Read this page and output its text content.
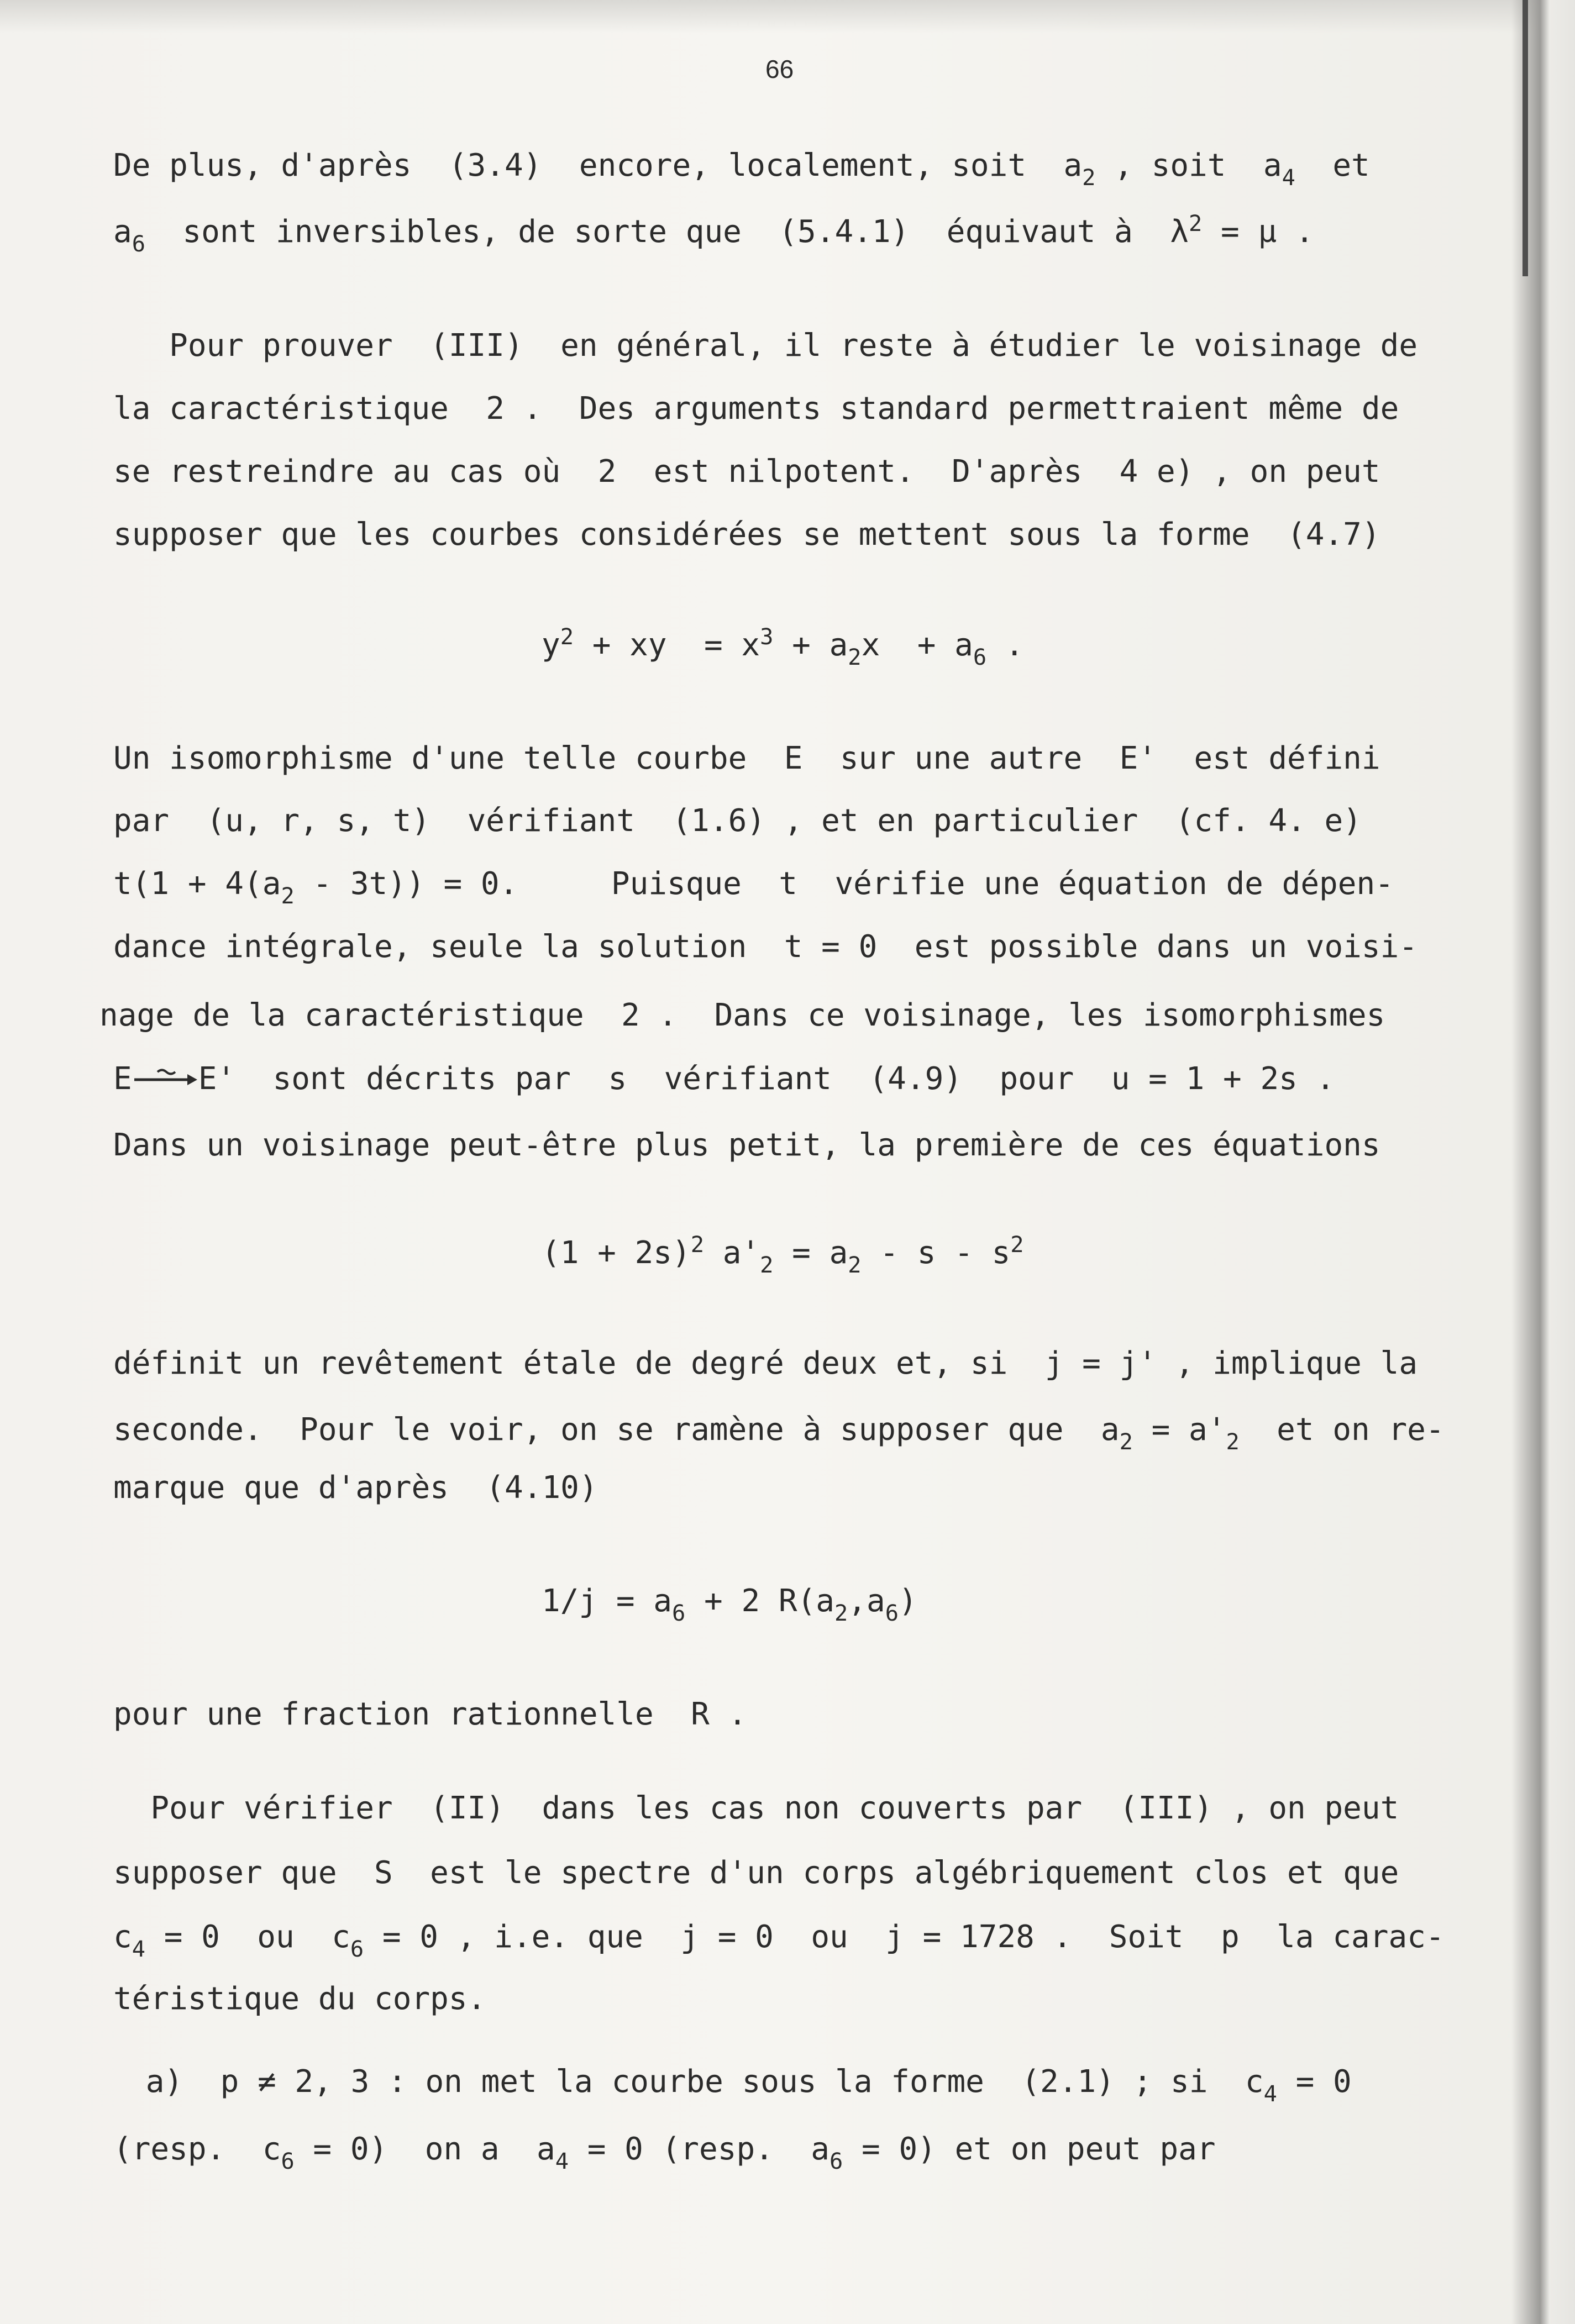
66
De plus, d'après  (3.4)  encore, localement, soit  $a_2$ , soit  $a_4$  et
$a_6$  sont inversibles, de sorte que  (5.4.1)  équivaut à  $\lambda^2 = \mu$ .
Pour prouver  (III)  en général, il reste à étudier le voisinage de
la caractéristique  2 .  Des arguments standard permettraient même de
se restreindre au cas où  2  est nilpotent.  D'après  4 e) , on peut
supposer que les courbes considérées se mettent sous la forme  (4.7)
$y^2$ + xy  = $x^3 + a_2x + a_6$ .
Un isomorphisme d'une telle courbe  E  sur une autre  E'  est défini
par  (u, r, s, t)  vérifiant  (1.6) , et en particulier  (cf. 4. e)
$t(1 + 4(a_2 - 3t)) = 0$.     Puisque  t  vérifie une équation de dépen-
dance intégrale, seule la solution  t = 0  est possible dans un voisi-
nage de la caractéristique  2 .  Dans ce voisinage, les isomorphismes
E E'  sont décrits par  s  vérifiant  (4.9)  pour  u = 1 + 2s .
Dans un voisinage peut-être plus petit, la première de ces équations
$(1 + 2s)^2$ $a'_2 = a_2 - s - s^2$
définit un revêtement étale de degré deux et, si  j = j' , implique la
seconde.  Pour le voir, on se ramène à supposer que  $a_2 = a'_2$  et on re-
marque que d'après  (4.10)
$1/j = a_6 + 2$ $R(a_2,a_6)$
pour une fraction rationnelle  R .
Pour vérifier  (II)  dans les cas non couverts par  (III) , on peut
supposer que  S  est le spectre d'un corps algébriquement clos et que
$c_4 = 0$  ou  $c_6 = 0$ , i.e. que  j = 0  ou  j = 1728 .  Soit  p  la carac-
téristique du corps.
a)  p ≠ 2, 3 : on met la courbe sous la forme  (2.1) ; si  $c_4 = 0$
(resp.  $c_6 = 0$)  on a  $a_4 = 0$ (resp.  $a_6 = 0$) et on peut par
